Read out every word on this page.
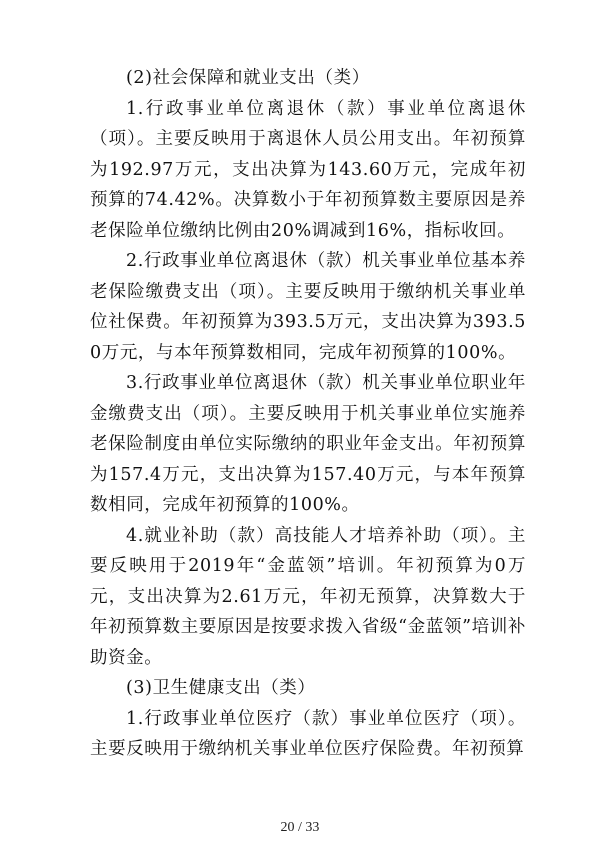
(2)社会保障和就业支出（类）

1.行政事业单位离退休（款）事业单位离退休（项）。主要反映用于离退休人员公用支出。年初预算为192.97万元，支出决算为143.60万元，完成年初预算的74.42%。决算数小于年初预算数主要原因是养老保险单位缴纳比例由20%调减到16%，指标收回。

2.行政事业单位离退休（款）机关事业单位基本养老保险缴费支出（项）。主要反映用于缴纳机关事业单位社保费。年初预算为393.5万元，支出决算为393.50万元，与本年预算数相同，完成年初预算的100%。

3.行政事业单位离退休（款）机关事业单位职业年金缴费支出（项）。主要反映用于机关事业单位实施养老保险制度由单位实际缴纳的职业年金支出。年初预算为157.4万元，支出决算为157.40万元，与本年预算数相同，完成年初预算的100%。

4.就业补助（款）高技能人才培养补助（项）。主要反映用于2019年“金蓝领”培训。年初预算为0万元，支出决算为2.61万元，年初无预算，决算数大于年初预算数主要原因是按要求拨入省级“金蓝领”培训补助资金。

(3)卫生健康支出（类）

1.行政事业单位医疗（款）事业单位医疗（项）。主要反映用于缴纳机关事业单位医疗保险费。年初预算

20 / 33
